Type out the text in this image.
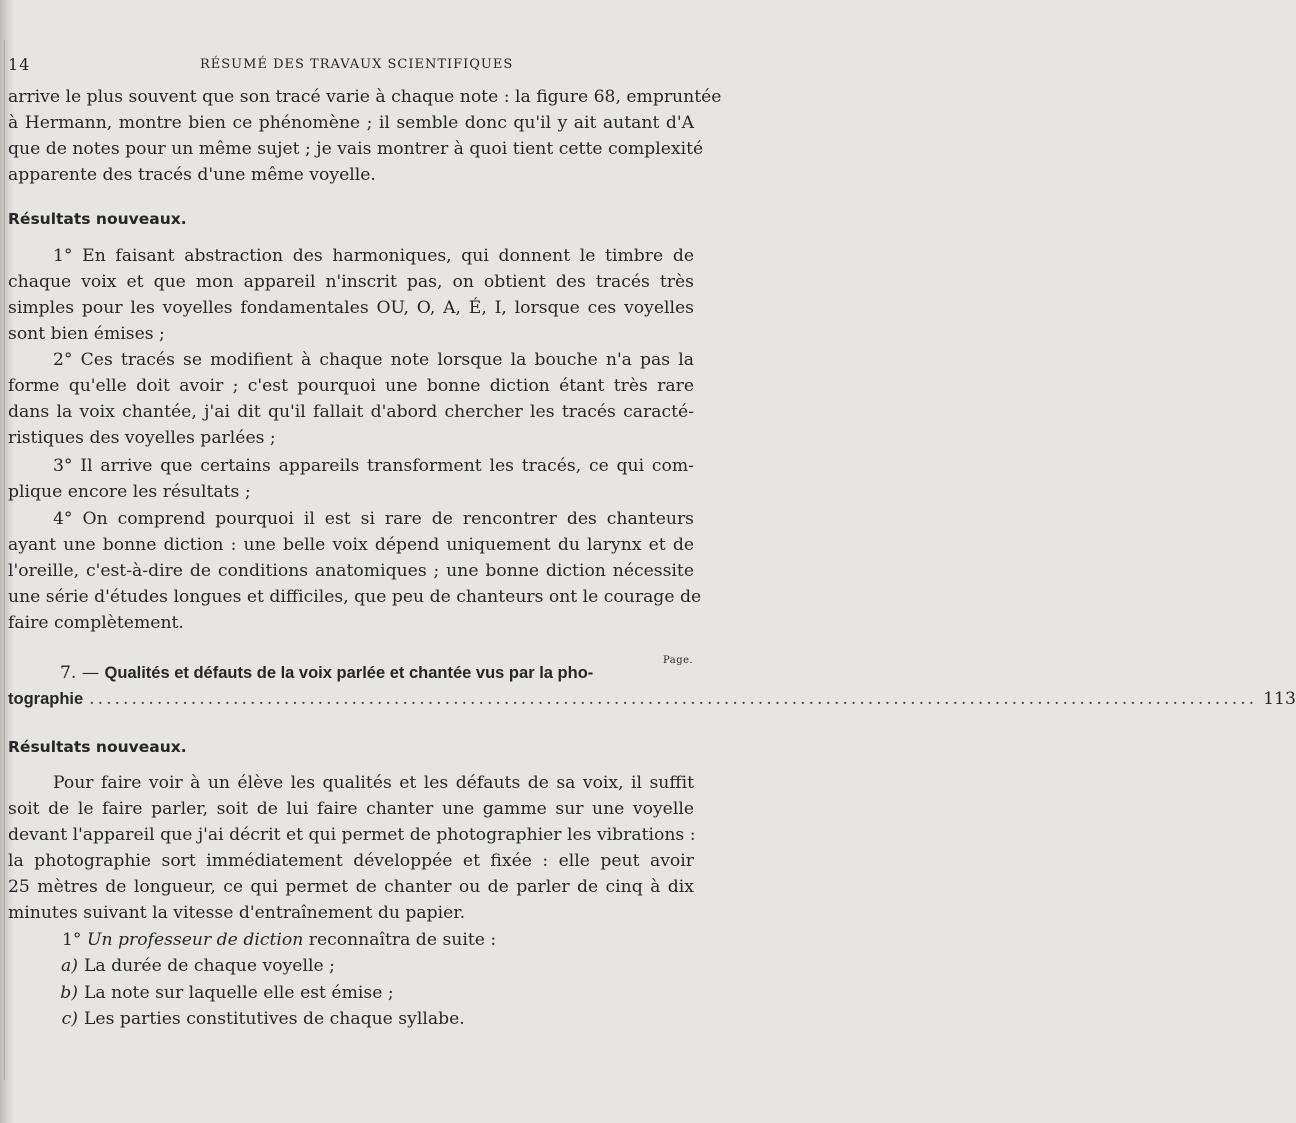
14	RÉSUMÉ DES TRAVAUX SCIENTIFIQUES
arrive le plus souvent que son tracé varie à chaque note : la figure 68, empruntée
à Hermann, montre bien ce phénomène ; il semble donc qu'il y ait autant d'A
que de notes pour un même sujet ; je vais montrer à quoi tient cette complexité
apparente des tracés d'une même voyelle.
Résultats nouveaux.
1° En faisant abstraction des harmoniques, qui donnent le timbre de
chaque voix et que mon appareil n'inscrit pas, on obtient des tracés très
simples pour les voyelles fondamentales OU, O, A, É, I, lorsque ces voyelles
sont bien émises ;
2° Ces tracés se modifient à chaque note lorsque la bouche n'a pas la
forme qu'elle doit avoir ; c'est pourquoi une bonne diction étant très rare
dans la voix chantée, j'ai dit qu'il fallait d'abord chercher les tracés caracté-
ristiques des voyelles parlées ;
3° Il arrive que certains appareils transforment les tracés, ce qui com-
plique encore les résultats ;
4° On comprend pourquoi il est si rare de rencontrer des chanteurs
ayant une bonne diction : une belle voix dépend uniquement du larynx et de
l'oreille, c'est-à-dire de conditions anatomiques ; une bonne diction nécessite
une série d'études longues et difficiles, que peu de chanteurs ont le courage de
faire complètement.
Page.
7. — Qualités et défauts de la voix parlée et chantée vus par la pho-
tographie .......................................................................................................................................... 113
Résultats nouveaux.
Pour faire voir à un élève les qualités et les défauts de sa voix, il suffit
soit de le faire parler, soit de lui faire chanter une gamme sur une voyelle
devant l'appareil que j'ai décrit et qui permet de photographier les vibrations :
la photographie sort immédiatement développée et fixée : elle peut avoir
25 mètres de longueur, ce qui permet de chanter ou de parler de cinq à dix
minutes suivant la vitesse d'entraînement du papier.
1° Un professeur de diction reconnaîtra de suite :
a) La durée de chaque voyelle ;
b) La note sur laquelle elle est émise ;
c) Les parties constitutives de chaque syllabe.
